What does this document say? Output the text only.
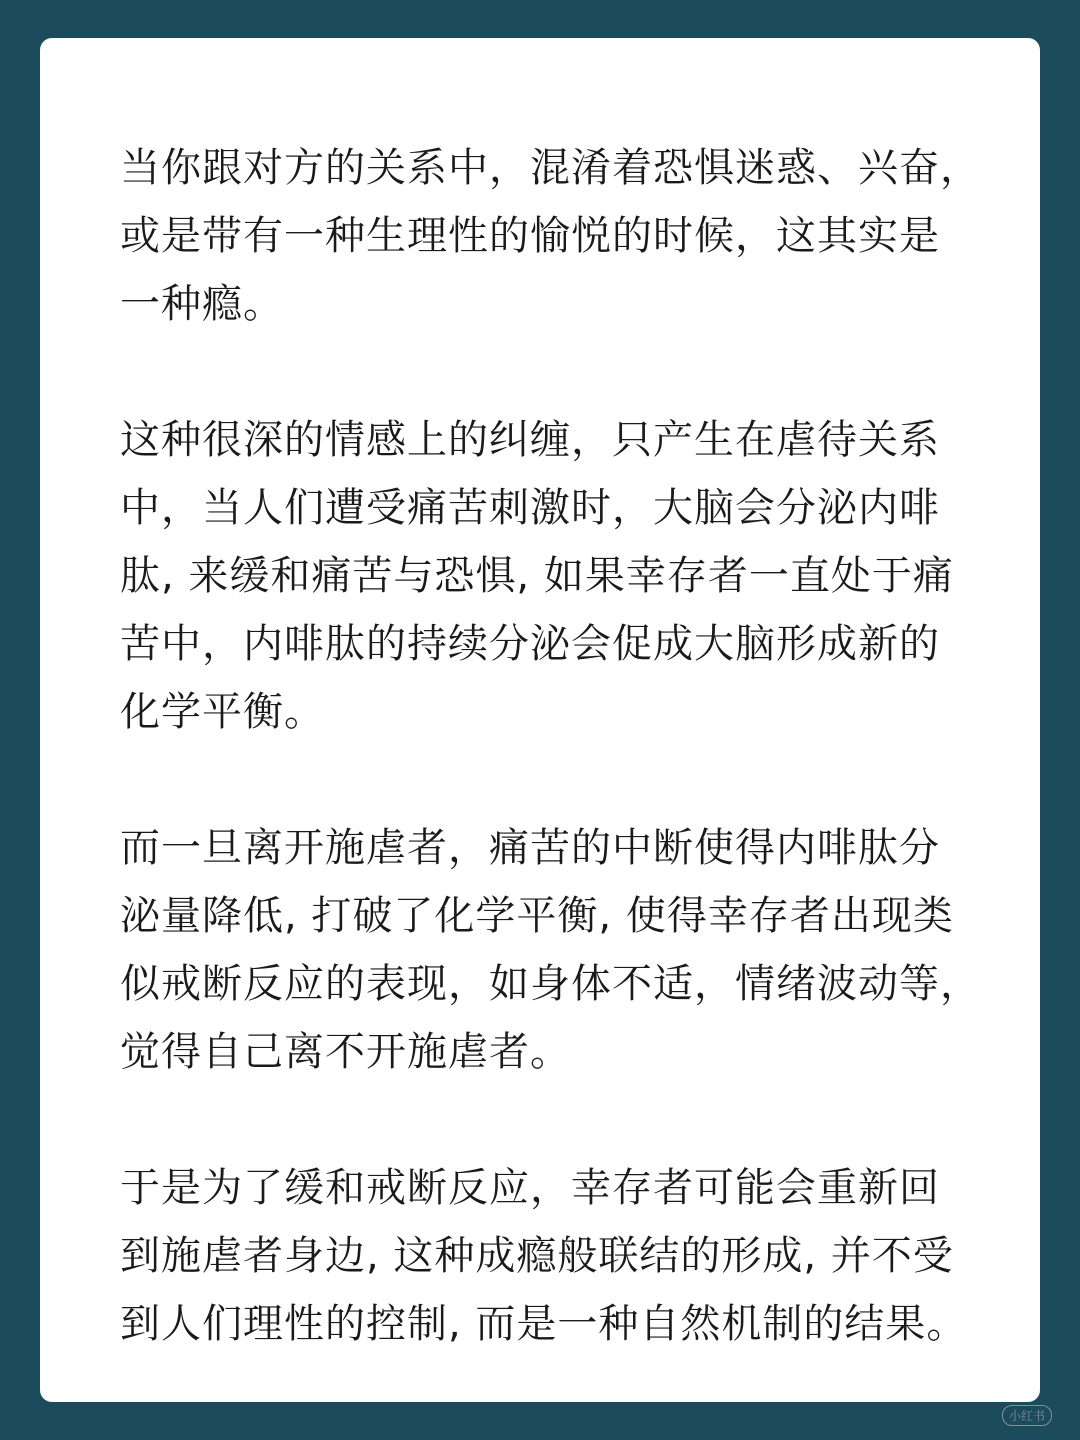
当你跟对方的关系中，混淆着恐惧迷惑、兴奋，
或是带有一种生理性的愉悦的时候，这其实是
一种瘾。
这种很深的情感上的纠缠，只产生在虐待关系
中，当人们遭受痛苦刺激时，大脑会分泌内啡
肽, 来缓和痛苦与恐惧, 如果幸存者一直处于痛
苦中，内啡肽的持续分泌会促成大脑形成新的
化学平衡。
而一旦离开施虐者，痛苦的中断使得内啡肽分
泌量降低, 打破了化学平衡, 使得幸存者出现类
似戒断反应的表现，如身体不适，情绪波动等，
觉得自己离不开施虐者。
于是为了缓和戒断反应，幸存者可能会重新回
到施虐者身边, 这种成瘾般联结的形成, 并不受
到人们理性的控制, 而是一种自然机制的结果。
小红书
